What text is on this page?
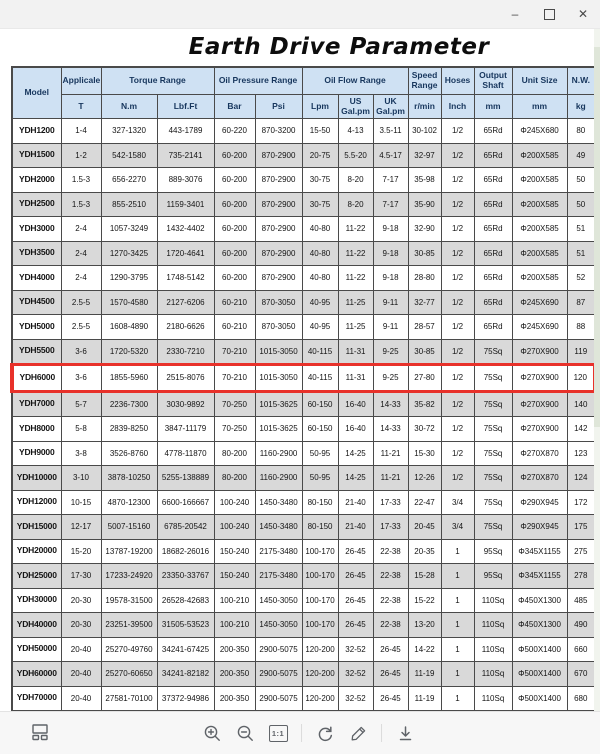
–	✕
Earth Drive Parameter
Model	Applicale	Torque Range		Oil Pressure Range		Oil Flow Range			Speed Range	Hoses	Output Shaft	Unit Size	N.W.
	T	N.m	Lbf.Ft	Bar	Psi	Lpm	US Gal.pm	UK Gal.pm	r/min	Inch	mm	mm	kg
YDH1200	1-4	327-1320	443-1789	60-220	870-3200	15-50	4-13	3.5-11	30-102	1/2	65Rd	Φ245X680	80
YDH1500	1-2	542-1580	735-2141	60-200	870-2900	20-75	5.5-20	4.5-17	32-97	1/2	65Rd	Φ200X585	49
YDH2000	1.5-3	656-2270	889-3076	60-200	870-2900	30-75	8-20	7-17	35-98	1/2	65Rd	Φ200X585	50
YDH2500	1.5-3	855-2510	1159-3401	60-200	870-2900	30-75	8-20	7-17	35-90	1/2	65Rd	Φ200X585	50
YDH3000	2-4	1057-3249	1432-4402	60-200	870-2900	40-80	11-22	9-18	32-90	1/2	65Rd	Φ200X585	51
YDH3500	2-4	1270-3425	1720-4641	60-200	870-2900	40-80	11-22	9-18	30-85	1/2	65Rd	Φ200X585	51
YDH4000	2-4	1290-3795	1748-5142	60-200	870-2900	40-80	11-22	9-18	28-80	1/2	65Rd	Φ200X585	52
YDH4500	2.5-5	1570-4580	2127-6206	60-210	870-3050	40-95	11-25	9-11	32-77	1/2	65Rd	Φ245X690	87
YDH5000	2.5-5	1608-4890	2180-6626	60-210	870-3050	40-95	11-25	9-11	28-57	1/2	65Rd	Φ245X690	88
YDH5500	3-6	1720-5320	2330-7210	70-210	1015-3050	40-115	11-31	9-25	30-85	1/2	75Sq	Φ270X900	119
YDH6000	3-6	1855-5960	2515-8076	70-210	1015-3050	40-115	11-31	9-25	27-80	1/2	75Sq	Φ270X900	120
YDH7000	5-7	2236-7300	3030-9892	70-250	1015-3625	60-150	16-40	14-33	35-82	1/2	75Sq	Φ270X900	140
YDH8000	5-8	2839-8250	3847-11179	70-250	1015-3625	60-150	16-40	14-33	30-72	1/2	75Sq	Φ270X900	142
YDH9000	3-8	3526-8760	4778-11870	80-200	1160-2900	50-95	14-25	11-21	15-30	1/2	75Sq	Φ270X870	123
YDH10000	3-10	3878-10250	5255-138889	80-200	1160-2900	50-95	14-25	11-21	12-26	1/2	75Sq	Φ270X870	124
YDH12000	10-15	4870-12300	6600-166667	100-240	1450-3480	80-150	21-40	17-33	22-47	3/4	75Sq	Φ290X945	172
YDH15000	12-17	5007-15160	6785-20542	100-240	1450-3480	80-150	21-40	17-33	20-45	3/4	75Sq	Φ290X945	175
YDH20000	15-20	13787-19200	18682-26016	150-240	2175-3480	100-170	26-45	22-38	20-35	1	95Sq	Φ345X1155	275
YDH25000	17-30	17233-24920	23350-33767	150-240	2175-3480	100-170	26-45	22-38	15-28	1	95Sq	Φ345X1155	278
YDH30000	20-30	19578-31500	26528-42683	100-210	1450-3050	100-170	26-45	22-38	15-22	1	110Sq	Φ450X1300	485
YDH40000	20-30	23251-39500	31505-53523	100-210	1450-3050	100-170	26-45	22-38	13-20	1	110Sq	Φ450X1300	490
YDH50000	20-40	25270-49760	34241-67425	200-350	2900-5075	120-200	32-52	26-45	14-22	1	110Sq	Φ500X1400	660
YDH60000	20-40	25270-60650	34241-82182	200-350	2900-5075	120-200	32-52	26-45	11-19	1	110Sq	Φ500X1400	670
YDH70000	20-40	27581-70100	37372-94986	200-350	2900-5075	120-200	32-52	26-45	11-19	1	110Sq	Φ500X1400	680

1:1
